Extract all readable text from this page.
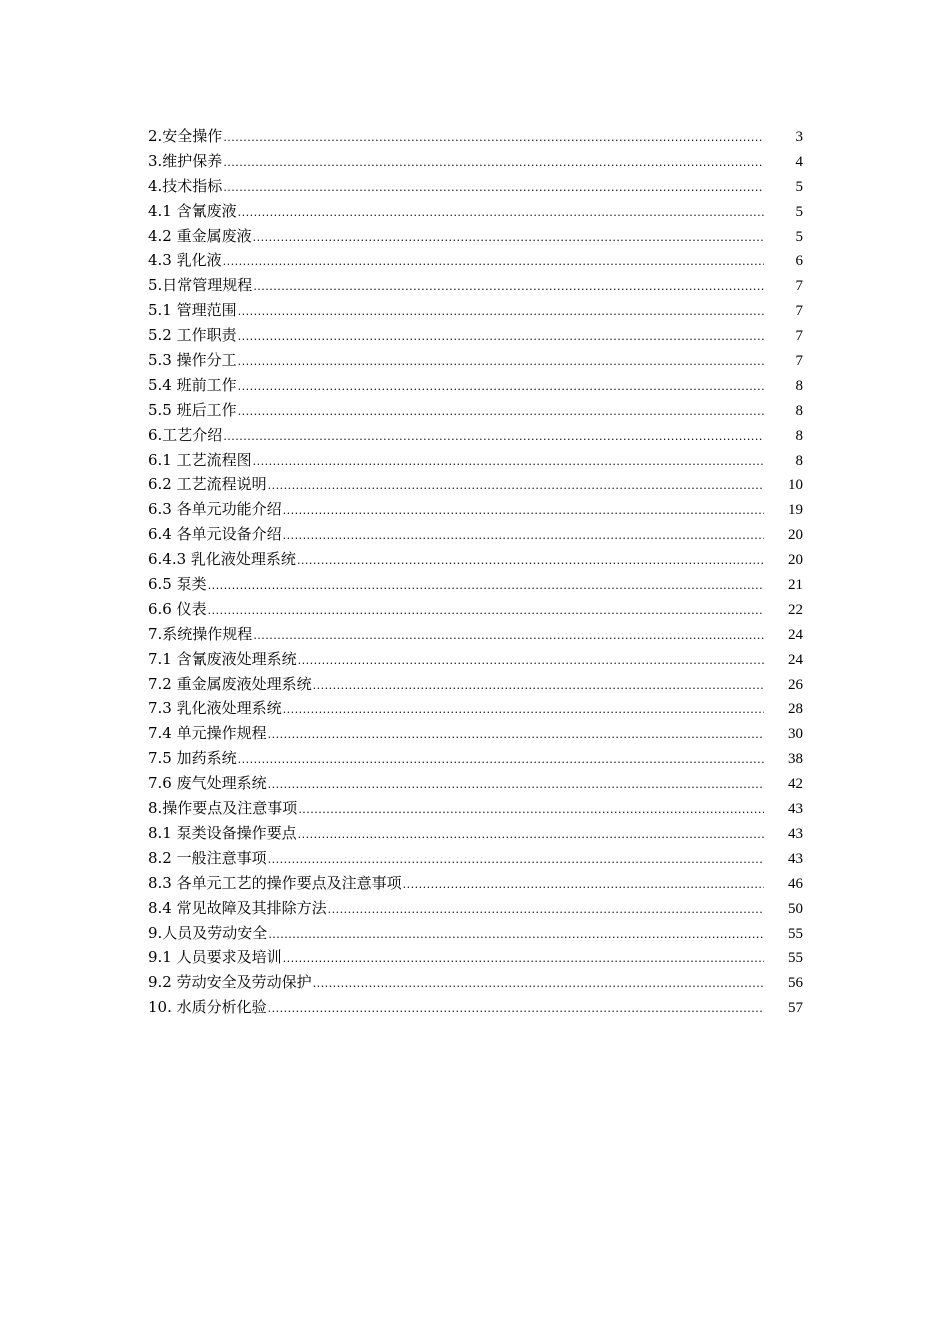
2.安全操作 .....	3
3.维护保养 .....	4
4.技术指标 .....	5
4.1 含氰废液 .....	5
4.2 重金属废液 .....	5
4.3 乳化液 .....	6
5.日常管理规程 .....	7
5.1 管理范围 .....	7
5.2 工作职责 .....	7
5.3 操作分工 .....	7
5.4 班前工作 .....	8
5.5 班后工作 .....	8
6.工艺介绍 .....	8
6.1 工艺流程图 .....	8
6.2 工艺流程说明 .....	10
6.3 各单元功能介绍 .....	19
6.4 各单元设备介绍 .....	20
6.4.3 乳化液处理系统 .....	20
6.5 泵类 .....	21
6.6 仪表 .....	22
7.系统操作规程 .....	24
7.1 含氰废液处理系统 .....	24
7.2 重金属废液处理系统 .....	26
7.3 乳化液处理系统 .....	28
7.4 单元操作规程 .....	30
7.5 加药系统 .....	38
7.6 废气处理系统 .....	42
8.操作要点及注意事项 .....	43
8.1 泵类设备操作要点 .....	43
8.2 一般注意事项 .....	43
8.3 各单元工艺的操作要点及注意事项 .....	46
8.4 常见故障及其排除方法 .....	50
9.人员及劳动安全 .....	55
9.1 人员要求及培训 .....	55
9.2 劳动安全及劳动保护 .....	56
10. 水质分析化验 .....	57
